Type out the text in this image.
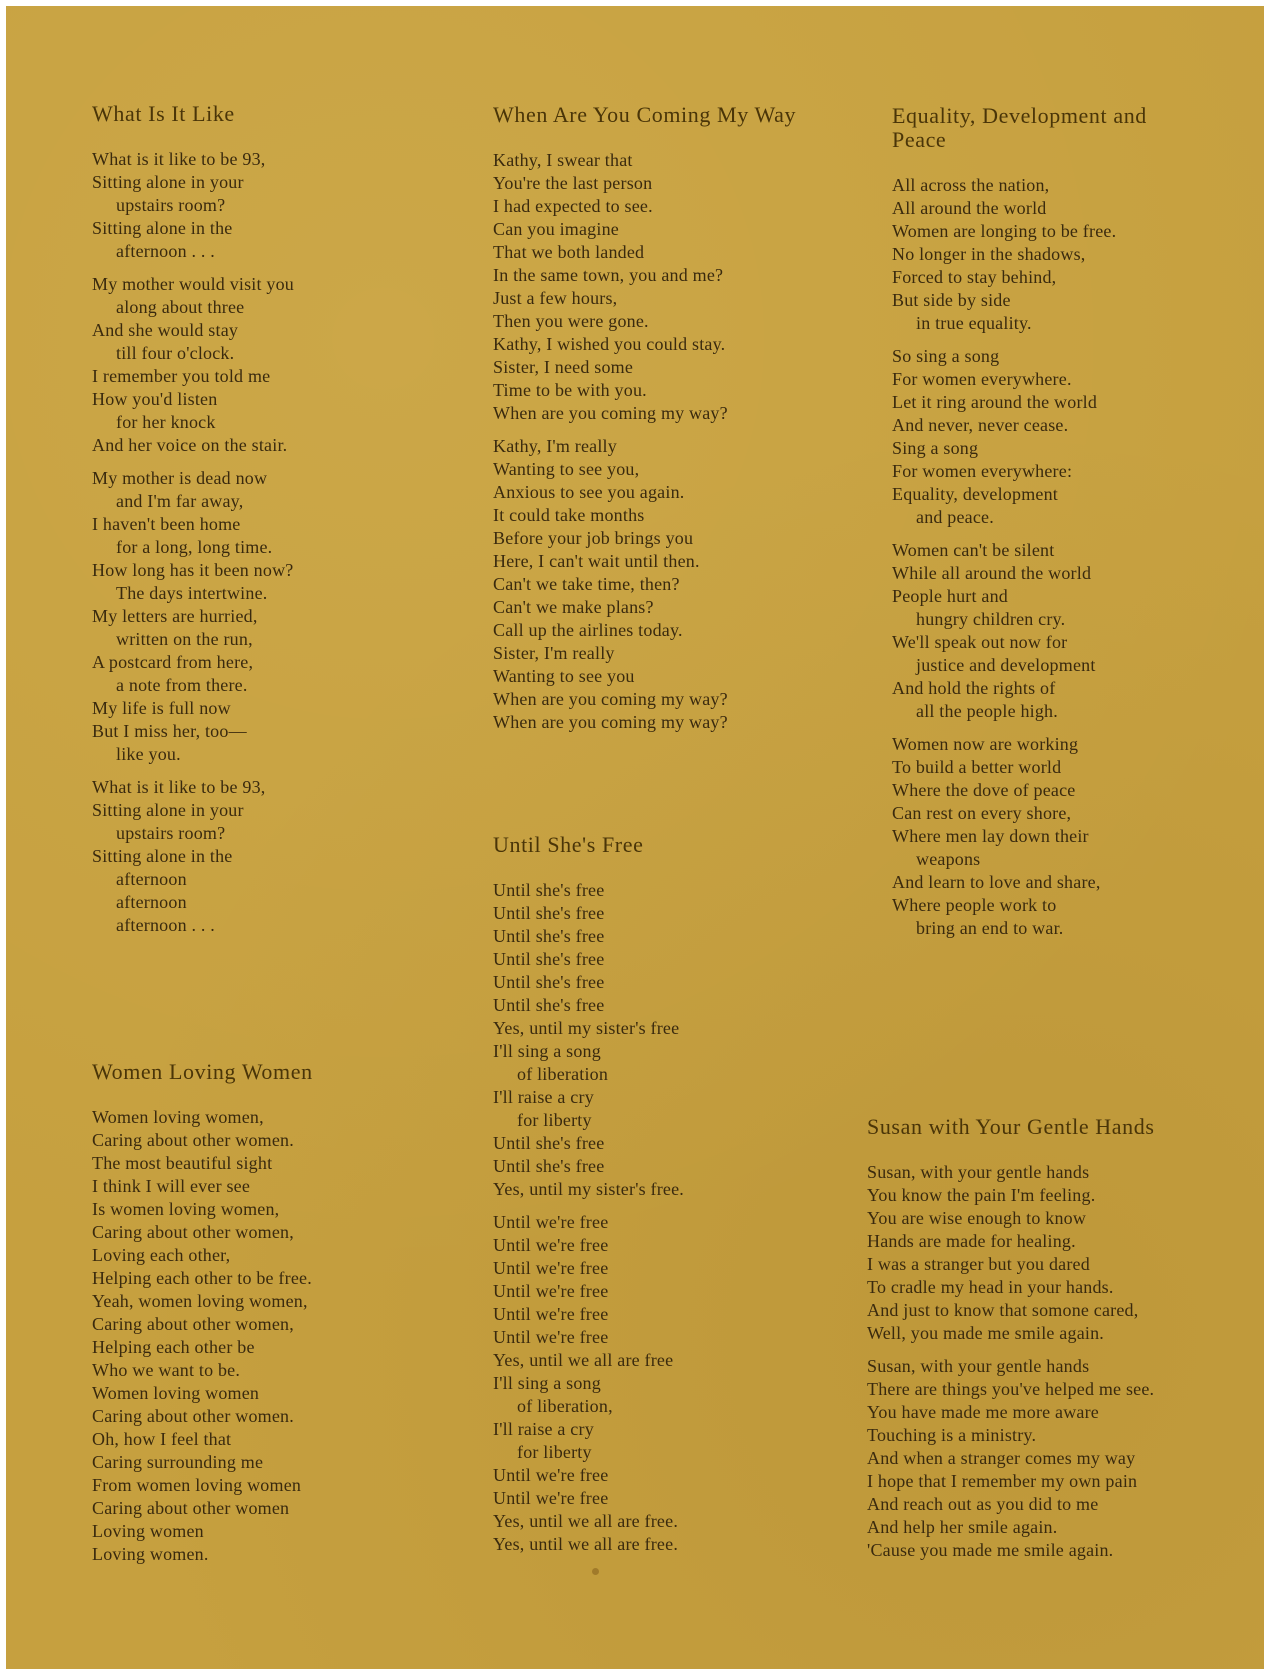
What Is It Like
What is it like to be 93,
Sitting alone in your
upstairs room?
Sitting alone in the
afternoon . . .
My mother would visit you
along about three
And she would stay
till four o'clock.
I remember you told me
How you'd listen
for her knock
And her voice on the stair.
My mother is dead now
and I'm far away,
I haven't been home
for a long, long time.
How long has it been now?
The days intertwine.
My letters are hurried,
written on the run,
A postcard from here,
a note from there.
My life is full now
But I miss her, too—
like you.
What is it like to be 93,
Sitting alone in your
upstairs room?
Sitting alone in the
afternoon
afternoon
afternoon . . .
Women Loving Women
Women loving women,
Caring about other women.
The most beautiful sight
I think I will ever see
Is women loving women,
Caring about other women,
Loving each other,
Helping each other to be free.
Yeah, women loving women,
Caring about other women,
Helping each other be
Who we want to be.
Women loving women
Caring about other women.
Oh, how I feel that
Caring surrounding me
From women loving women
Caring about other women
Loving women
Loving women.
When Are You Coming My Way
Kathy, I swear that
You're the last person
I had expected to see.
Can you imagine
That we both landed
In the same town, you and me?
Just a few hours,
Then you were gone.
Kathy, I wished you could stay.
Sister, I need some
Time to be with you.
When are you coming my way?
Kathy, I'm really
Wanting to see you,
Anxious to see you again.
It could take months
Before your job brings you
Here, I can't wait until then.
Can't we take time, then?
Can't we make plans?
Call up the airlines today.
Sister, I'm really
Wanting to see you
When are you coming my way?
When are you coming my way?
Until She's Free
Until she's free
Until she's free
Until she's free
Until she's free
Until she's free
Until she's free
Yes, until my sister's free
I'll sing a song
of liberation
I'll raise a cry
for liberty
Until she's free
Until she's free
Yes, until my sister's free.
Until we're free
Until we're free
Until we're free
Until we're free
Until we're free
Until we're free
Yes, until we all are free
I'll sing a song
of liberation,
I'll raise a cry
for liberty
Until we're free
Until we're free
Yes, until we all are free.
Yes, until we all are free.
Equality, Development and Peace
All across the nation,
All around the world
Women are longing to be free.
No longer in the shadows,
Forced to stay behind,
But side by side
in true equality.
So sing a song
For women everywhere.
Let it ring around the world
And never, never cease.
Sing a song
For women everywhere:
Equality, development
and peace.
Women can't be silent
While all around the world
People hurt and
hungry children cry.
We'll speak out now for
justice and development
And hold the rights of
all the people high.
Women now are working
To build a better world
Where the dove of peace
Can rest on every shore,
Where men lay down their
weapons
And learn to love and share,
Where people work to
bring an end to war.
Susan with Your Gentle Hands
Susan, with your gentle hands
You know the pain I'm feeling.
You are wise enough to know
Hands are made for healing.
I was a stranger but you dared
To cradle my head in your hands.
And just to know that somone cared,
Well, you made me smile again.
Susan, with your gentle hands
There are things you've helped me see.
You have made me more aware
Touching is a ministry.
And when a stranger comes my way
I hope that I remember my own pain
And reach out as you did to me
And help her smile again.
'Cause you made me smile again.
